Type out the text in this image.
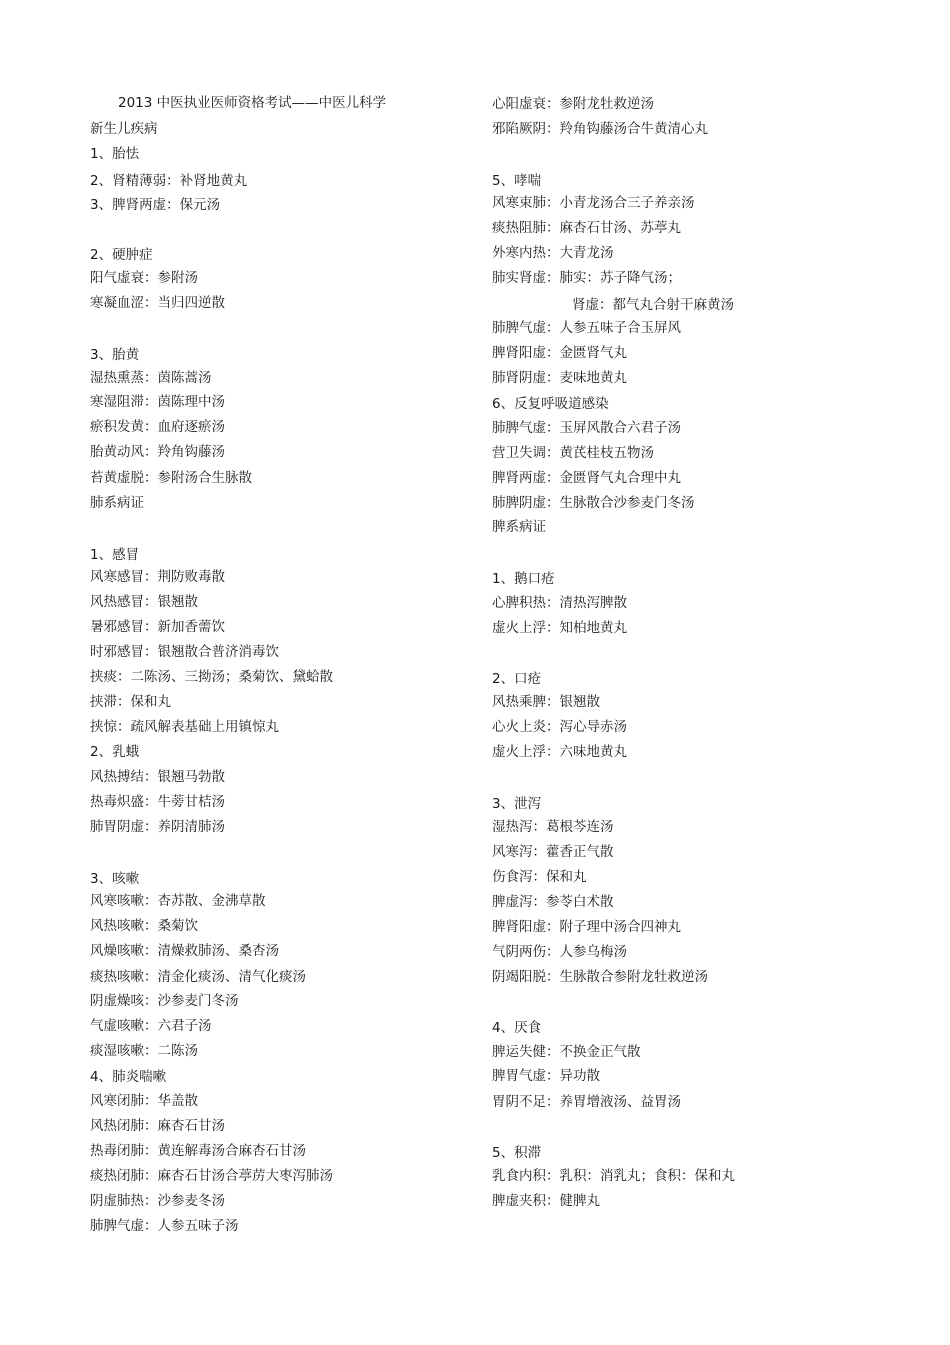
2013 中医执业医师资格考试——中医儿科学

新生儿疾病

1、胎怯

2、肾精薄弱：补肾地黄丸

3、脾肾两虚：保元汤

2、硬肿症

阳气虚衰：参附汤

寒凝血涩：当归四逆散

3、胎黄

湿热熏蒸：茵陈蒿汤

寒湿阻滞：茵陈理中汤

瘀积发黄：血府逐瘀汤

胎黄动风：羚角钩藤汤

苔黄虚脱：参附汤合生脉散

肺系病证

1、感冒

风寒感冒：荆防败毒散

风热感冒：银翘散

暑邪感冒：新加香薷饮

时邪感冒：银翘散合普济消毒饮

挟痰：二陈汤、三拗汤；桑菊饮、黛蛤散

挟滞：保和丸

挟惊：疏风解表基础上用镇惊丸

2、乳蛾

风热搏结：银翘马勃散

热毒炽盛：牛蒡甘桔汤

肺胃阴虚：养阴清肺汤

3、咳嗽

风寒咳嗽：杏苏散、金沸草散

风热咳嗽：桑菊饮

风燥咳嗽：清燥救肺汤、桑杏汤

痰热咳嗽：清金化痰汤、清气化痰汤

阴虚燥咳：沙参麦门冬汤

气虚咳嗽：六君子汤

痰湿咳嗽：二陈汤

4、肺炎喘嗽

风寒闭肺：华盖散

风热闭肺：麻杏石甘汤

热毒闭肺：黄连解毒汤合麻杏石甘汤

痰热闭肺：麻杏石甘汤合葶苈大枣泻肺汤

阴虚肺热：沙参麦冬汤

肺脾气虚：人参五味子汤

心阳虚衰：参附龙牡救逆汤

邪陷厥阴：羚角钩藤汤合牛黄清心丸

5、哮喘

风寒束肺：小青龙汤合三子养亲汤

痰热阻肺：麻杏石甘汤、苏葶丸

外寒内热：大青龙汤

肺实肾虚：肺实：苏子降气汤；

肾虚：都气丸合射干麻黄汤

肺脾气虚：人参五味子合玉屏风

脾肾阳虚：金匮肾气丸

肺肾阴虚：麦味地黄丸

6、反复呼吸道感染

肺脾气虚：玉屏风散合六君子汤

营卫失调：黄芪桂枝五物汤

脾肾两虚：金匮肾气丸合理中丸

肺脾阴虚：生脉散合沙参麦门冬汤

脾系病证

1、鹅口疮

心脾积热：清热泻脾散

虚火上浮：知柏地黄丸

2、口疮

风热乘脾：银翘散

心火上炎：泻心导赤汤

虚火上浮：六味地黄丸

3、泄泻

湿热泻：葛根芩连汤

风寒泻：藿香正气散

伤食泻：保和丸

脾虚泻：参苓白术散

脾肾阳虚：附子理中汤合四神丸

气阴两伤：人参乌梅汤

阴竭阳脱：生脉散合参附龙牡救逆汤

4、厌食

脾运失健：不换金正气散

脾胃气虚：异功散

胃阴不足：养胃增液汤、益胃汤

5、积滞

乳食内积：乳积：消乳丸；食积：保和丸

脾虚夹积：健脾丸
